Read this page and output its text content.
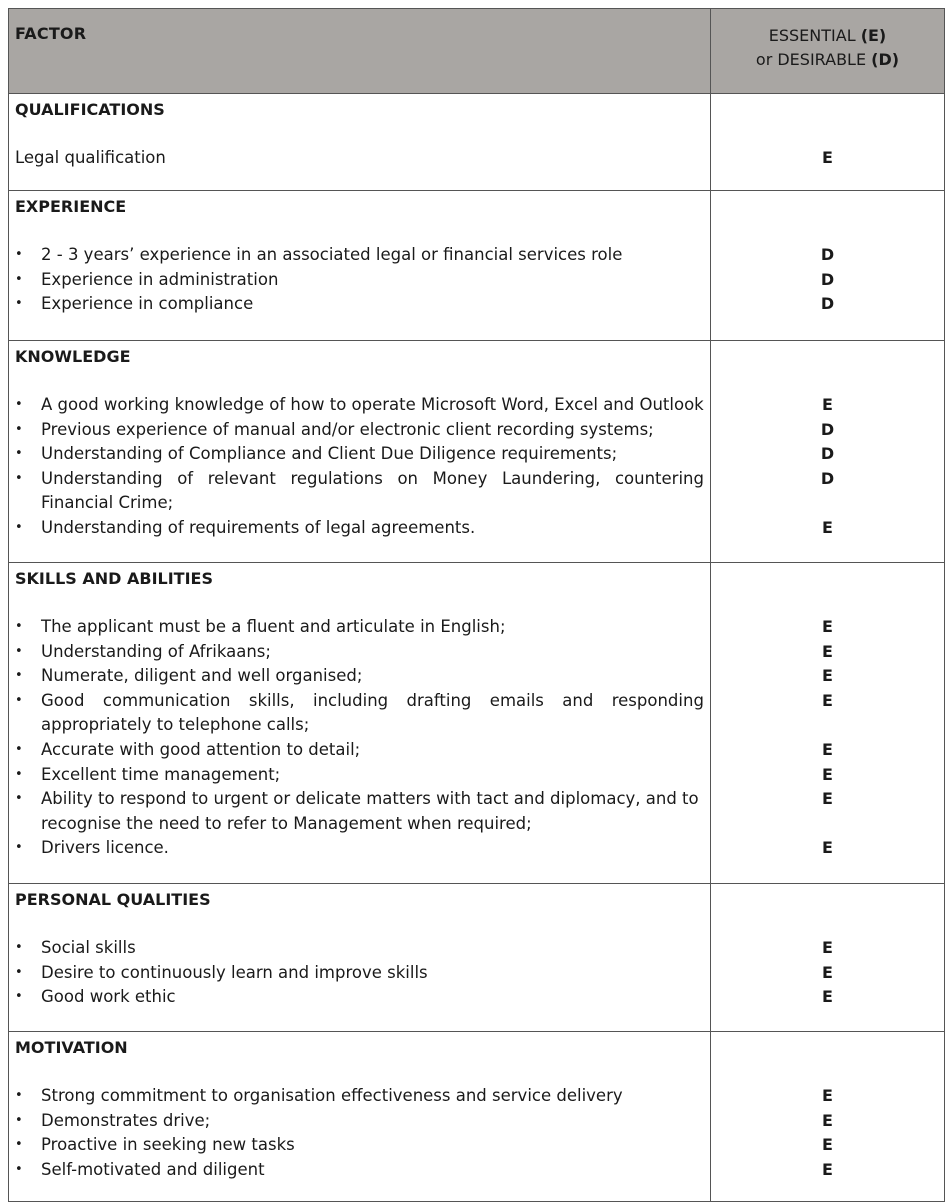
FACTOR	ESSENTIAL (E)
or DESIRABLE (D)
QUALIFICATIONS
Legal qualification	E
EXPERIENCE
• 2 - 3 years’ experience in an associated legal or financial services role
• Experience in administration
• Experience in compliance
D
D
D
KNOWLEDGE
• A good working knowledge of how to operate Microsoft Word, Excel and Outlook
• Previous experience of manual and/or electronic client recording systems;
• Understanding of Compliance and Client Due Diligence requirements;
• Understanding of relevant regulations on Money Laundering, countering
Financial Crime;
• Understanding of requirements of legal agreements.
E
D
D
D
E
SKILLS AND ABILITIES
• The applicant must be a fluent and articulate in English;
• Understanding of Afrikaans;
• Numerate, diligent and well organised;
• Good communication skills, including drafting emails and responding
appropriately to telephone calls;
• Accurate with good attention to detail;
• Excellent time management;
• Ability to respond to urgent or delicate matters with tact and diplomacy, and to
recognise the need to refer to Management when required;
• Drivers licence.
E
E
E
E
E
E
E
E
PERSONAL QUALITIES
• Social skills
• Desire to continuously learn and improve skills
• Good work ethic
E
E
E
MOTIVATION
• Strong commitment to organisation effectiveness and service delivery
• Demonstrates drive;
• Proactive in seeking new tasks
• Self-motivated and diligent
E
E
E
E
